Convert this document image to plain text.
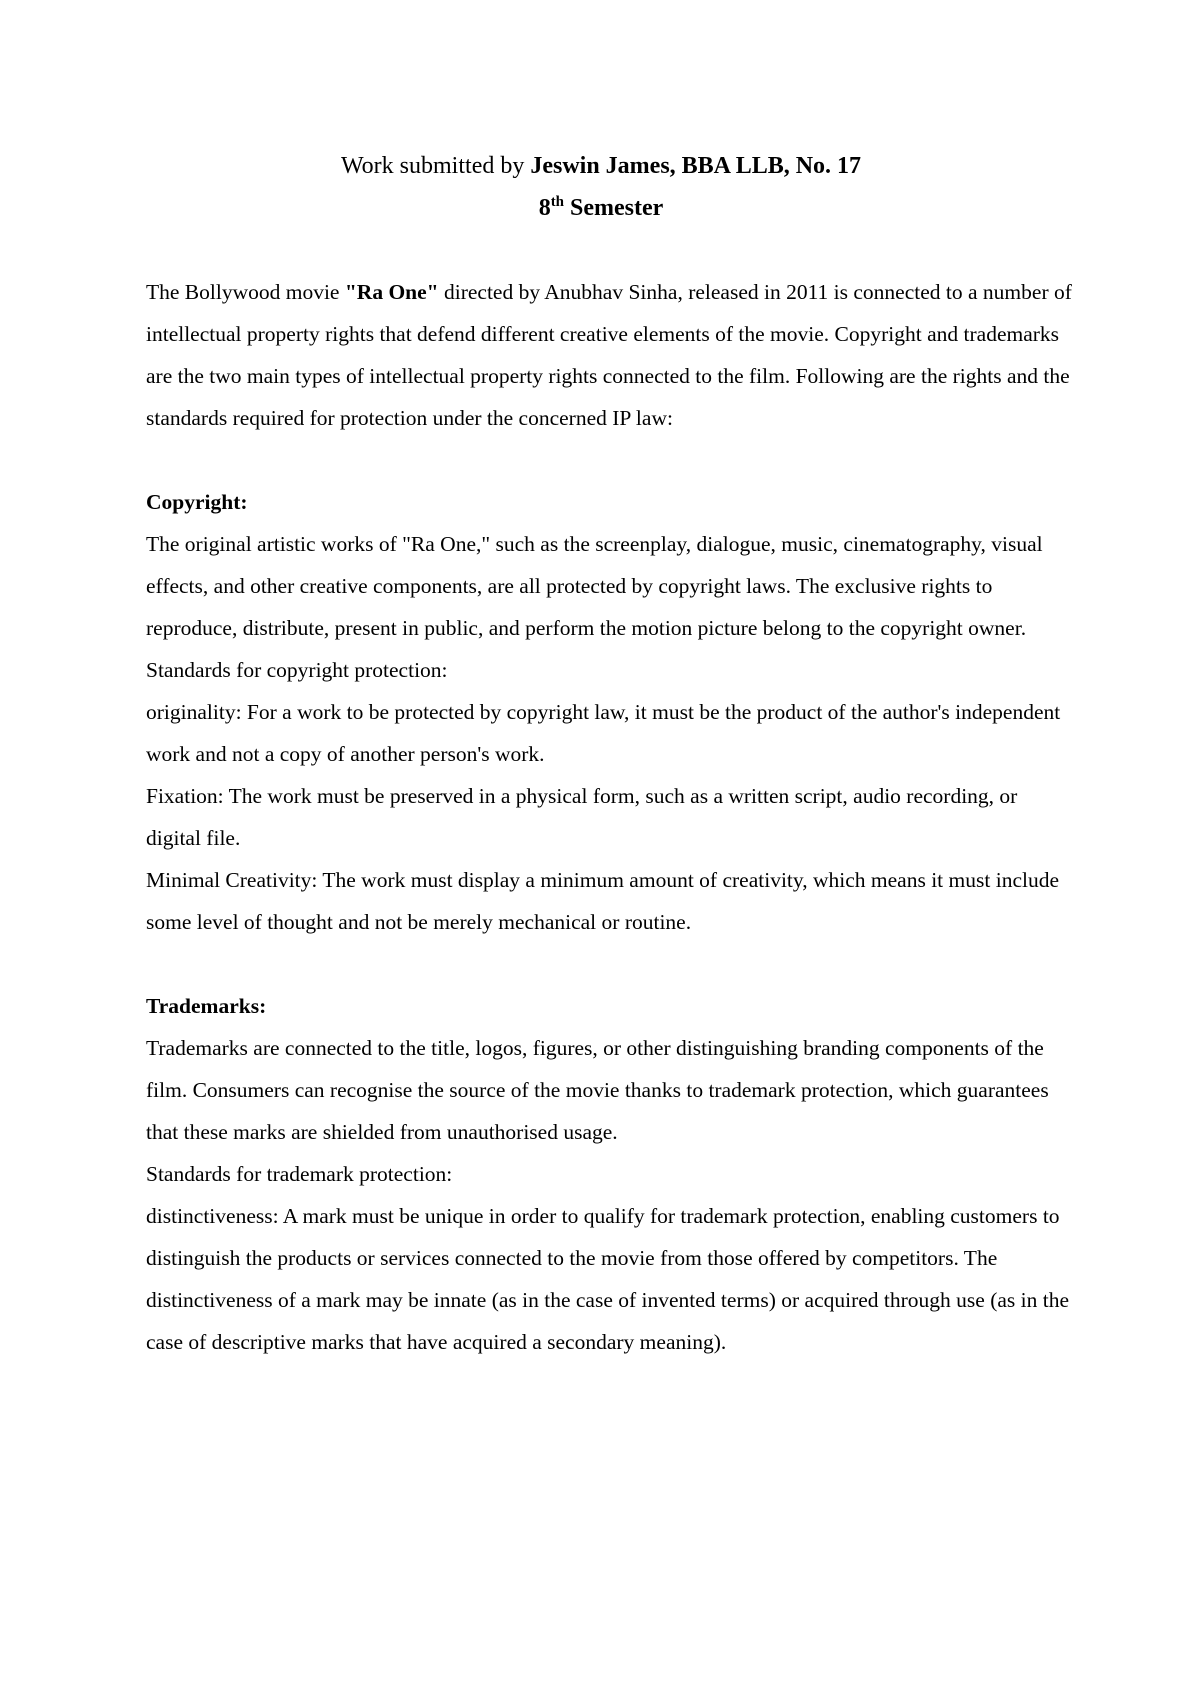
Work submitted by Jeswin James, BBA LLB, No. 17
8th Semester

The Bollywood movie "Ra One" directed by Anubhav Sinha, released in 2011 is connected to a number of intellectual property rights that defend different creative elements of the movie. Copyright and trademarks are the two main types of intellectual property rights connected to the film. Following are the rights and the standards required for protection under the concerned IP law:

Copyright:

The original artistic works of "Ra One," such as the screenplay, dialogue, music, cinematography, visual effects, and other creative components, are all protected by copyright laws. The exclusive rights to reproduce, distribute, present in public, and perform the motion picture belong to the copyright owner.

Standards for copyright protection:

originality: For a work to be protected by copyright law, it must be the product of the author's independent work and not a copy of another person's work.

Fixation: The work must be preserved in a physical form, such as a written script, audio recording, or digital file.

Minimal Creativity: The work must display a minimum amount of creativity, which means it must include some level of thought and not be merely mechanical or routine.

Trademarks:

Trademarks are connected to the title, logos, figures, or other distinguishing branding components of the film. Consumers can recognise the source of the movie thanks to trademark protection, which guarantees that these marks are shielded from unauthorised usage.

Standards for trademark protection:

distinctiveness: A mark must be unique in order to qualify for trademark protection, enabling customers to distinguish the products or services connected to the movie from those offered by competitors. The distinctiveness of a mark may be innate (as in the case of invented terms) or acquired through use (as in the case of descriptive marks that have acquired a secondary meaning).
